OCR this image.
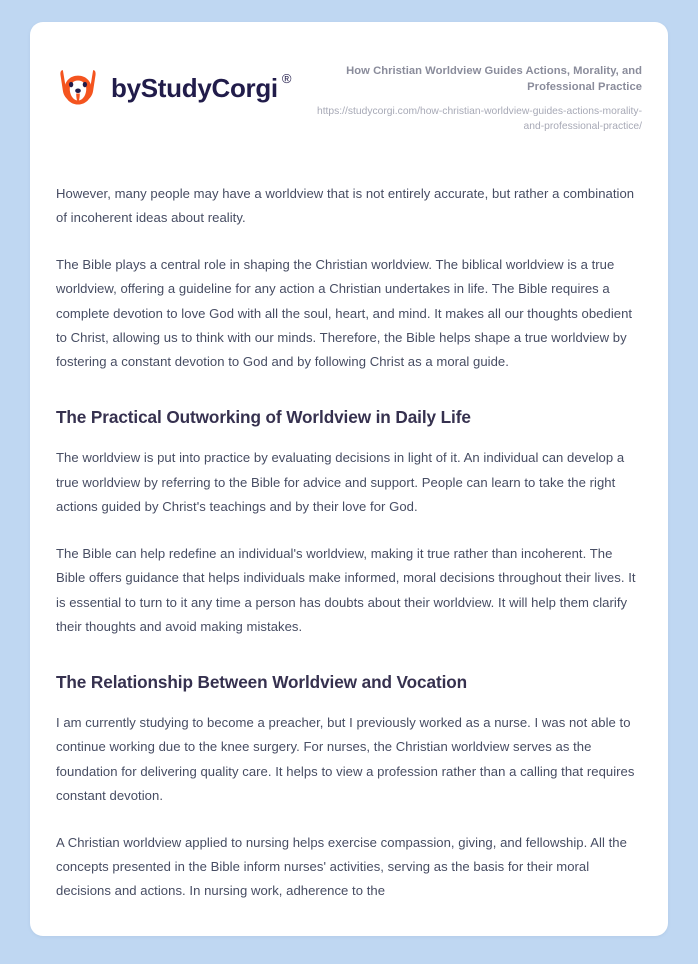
by StudyCorgi ®	How Christian Worldview Guides Actions, Morality, and Professional Practice

https://studycorgi.com/how-christian-worldview-guides-actions-morality-and-professional-practice/

However, many people may have a worldview that is not entirely accurate, but rather a combination of incoherent ideas about reality.

The Bible plays a central role in shaping the Christian worldview. The biblical worldview is a true worldview, offering a guideline for any action a Christian undertakes in life. The Bible requires a complete devotion to love God with all the soul, heart, and mind. It makes all our thoughts obedient to Christ, allowing us to think with our minds. Therefore, the Bible helps shape a true worldview by fostering a constant devotion to God and by following Christ as a moral guide.

The Practical Outworking of Worldview in Daily Life

The worldview is put into practice by evaluating decisions in light of it. An individual can develop a true worldview by referring to the Bible for advice and support. People can learn to take the right actions guided by Christ's teachings and by their love for God.

The Bible can help redefine an individual's worldview, making it true rather than incoherent. The Bible offers guidance that helps individuals make informed, moral decisions throughout their lives. It is essential to turn to it any time a person has doubts about their worldview. It will help them clarify their thoughts and avoid making mistakes.

The Relationship Between Worldview and Vocation

I am currently studying to become a preacher, but I previously worked as a nurse. I was not able to continue working due to the knee surgery. For nurses, the Christian worldview serves as the foundation for delivering quality care. It helps to view a profession rather than a calling that requires constant devotion.

A Christian worldview applied to nursing helps exercise compassion, giving, and fellowship. All the concepts presented in the Bible inform nurses' activities, serving as the basis for their moral decisions and actions. In nursing work, adherence to the
